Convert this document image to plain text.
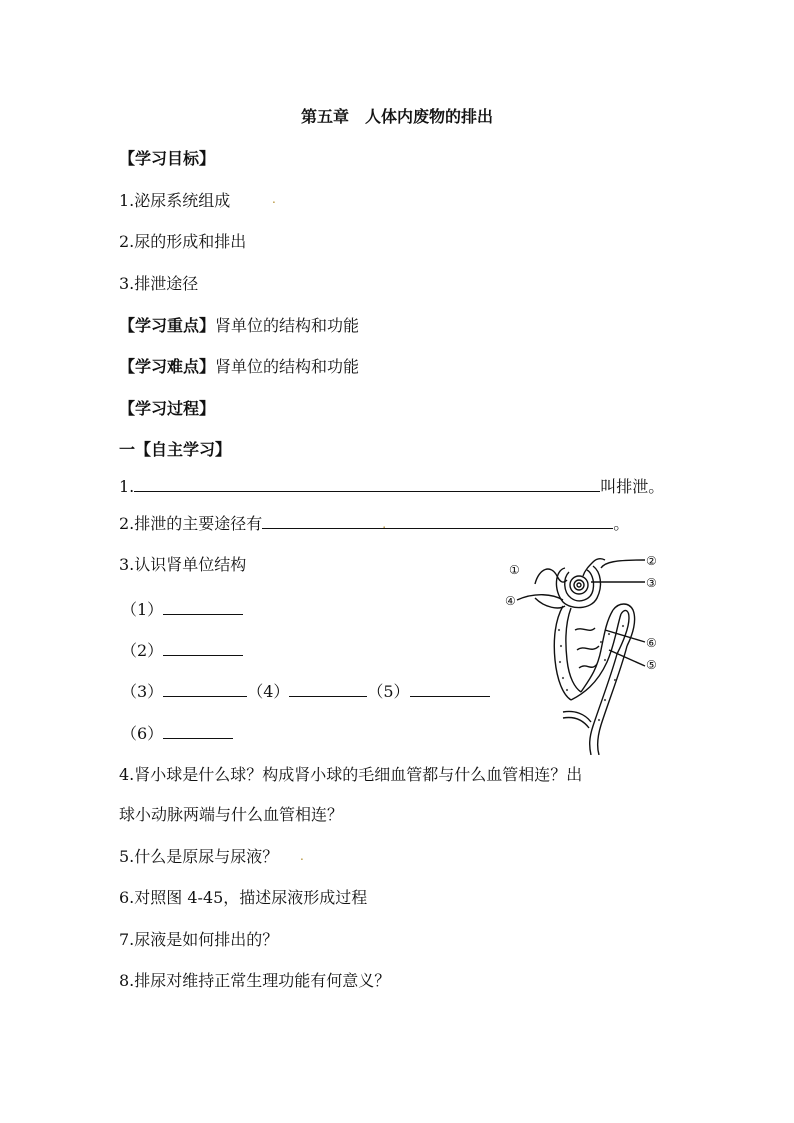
第五章　人体内废物的排出
【学习目标】
1.泌尿系统组成	.
2.尿的形成和排出
3.排泄途径
【学习重点】肾单位的结构和功能
【学习难点】肾单位的结构和功能
【学习过程】
一【自主学习】
1.	叫排泄。
2.排泄的主要途径有	.	。
3.认识肾单位结构
（1）
（2）
（3）	（4）	（5）
（6）
4.肾小球是什么球？构成肾小球的毛细血管都与什么血管相连？出
球小动脉两端与什么血管相连？
5.什么是原尿与尿液？ .
6.对照图 4-45，描述尿液形成过程
7.尿液是如何排出的？
8.排尿对维持正常生理功能有何意义？
①
②
③
④
⑤
⑥
